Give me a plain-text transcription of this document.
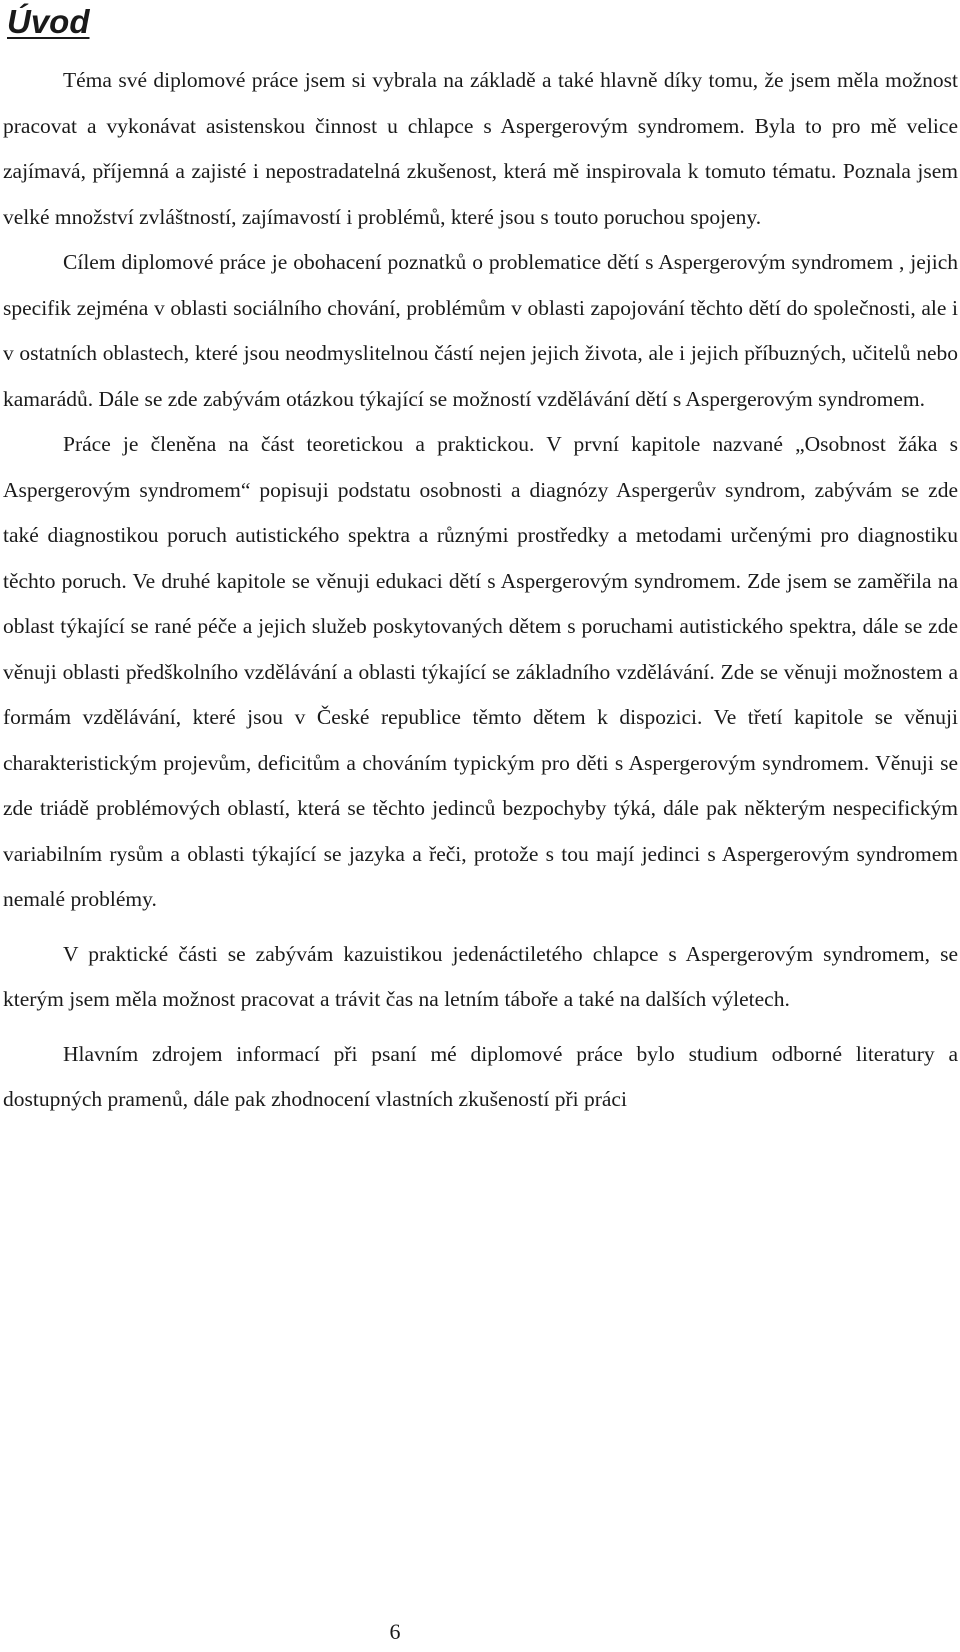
Úvod

Téma své diplomové práce jsem si vybrala na základě a také hlavně díky tomu, že jsem měla možnost pracovat a vykonávat asistenskou činnost u chlapce s Aspergerovým syndromem. Byla to pro mě velice zajímavá, příjemná a zajisté i nepostradatelná zkušenost, která mě inspirovala k tomuto tématu. Poznala jsem velké množství zvláštností, zajímavostí i problémů, které jsou s touto poruchou spojeny.

Cílem diplomové práce je obohacení poznatků o problematice dětí s Aspergerovým syndromem , jejich specifik zejména v oblasti sociálního chování, problémům v oblasti zapojování těchto dětí do společnosti, ale i v ostatních oblastech, které jsou neodmyslitelnou částí nejen jejich života, ale i jejich příbuzných, učitelů nebo kamarádů. Dále se zde zabývám otázkou týkající se možností vzdělávání dětí s Aspergerovým syndromem.

Práce je členěna na část teoretickou a praktickou. V první kapitole nazvané „Osobnost žáka s Aspergerovým syndromem“ popisuji podstatu osobnosti a diagnózy Aspergerův syndrom, zabývám se zde také diagnostikou poruch autistického spektra a různými prostředky a metodami určenými pro diagnostiku těchto poruch. Ve druhé kapitole se věnuji edukaci dětí s Aspergerovým syndromem. Zde jsem se zaměřila na oblast týkající se rané péče a jejich služeb poskytovaných dětem s poruchami autistického spektra, dále se zde věnuji oblasti předškolního vzdělávání a oblasti týkající se základního vzdělávání. Zde se věnuji možnostem a formám vzdělávání, které jsou v České republice těmto dětem k dispozici. Ve třetí kapitole se věnuji charakteristickým projevům, deficitům a chováním typickým pro děti s Aspergerovým syndromem. Věnuji se zde triádě problémových oblastí, která se těchto jedinců bezpochyby týká, dále pak některým nespecifickým variabilním rysům a oblasti týkající se jazyka a řeči, protože s tou mají jedinci s Aspergerovým syndromem nemalé problémy.

V praktické části se zabývám kazuistikou jedenáctiletého chlapce s Aspergerovým syndromem, se kterým jsem měla možnost pracovat a trávit čas na letním táboře a také na dalších výletech.

Hlavním zdrojem informací při psaní mé diplomové práce bylo studium odborné literatury a dostupných pramenů, dále pak zhodnocení vlastních zkušeností při práci

6
